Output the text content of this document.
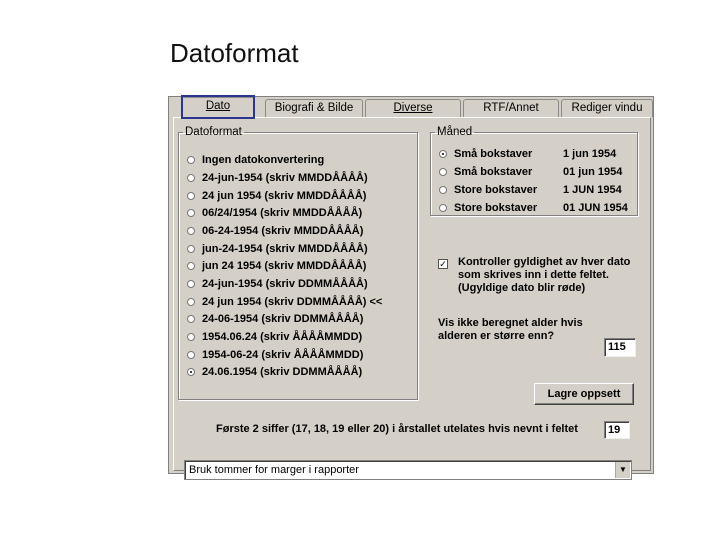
Datoformat
Dato	Biografi & Bilde	Diverse	RTF/Annet	Rediger vindu
Datoformat
Ingen datokonvertering
24-jun-1954 (skriv MMDDÅÅÅÅ)
24 jun 1954 (skriv MMDDÅÅÅÅ)
06/24/1954 (skriv MMDDÅÅÅÅ)
06-24-1954 (skriv MMDDÅÅÅÅ)
jun-24-1954 (skriv MMDDÅÅÅÅ)
jun 24 1954 (skriv MMDDÅÅÅÅ)
24-jun-1954 (skriv DDMMÅÅÅÅ)
24 jun 1954 (skriv DDMMÅÅÅÅ) <<
24-06-1954 (skriv DDMMÅÅÅÅ)
1954.06.24 (skriv ÅÅÅÅMMDD)
1954-06-24 (skriv ÅÅÅÅMMDD)
24.06.1954 (skriv DDMMÅÅÅÅ)
Måned
Små bokstaver	1 jun 1954
Små bokstaver	01 jun 1954
Store bokstaver 1 JUN 1954
Store bokstaver 01 JUN 1954
✓ Kontroller gyldighet av hver dato som skrives inn i dette feltet. (Ugyldige dato blir røde)
Vis ikke beregnet alder hvis alderen er større enn?
115
Lagre oppsett
Første 2 siffer (17, 18, 19 eller 20) i årstallet utelates hvis nevnt i feltet	19
Bruk tommer for marger i rapporter	▼
